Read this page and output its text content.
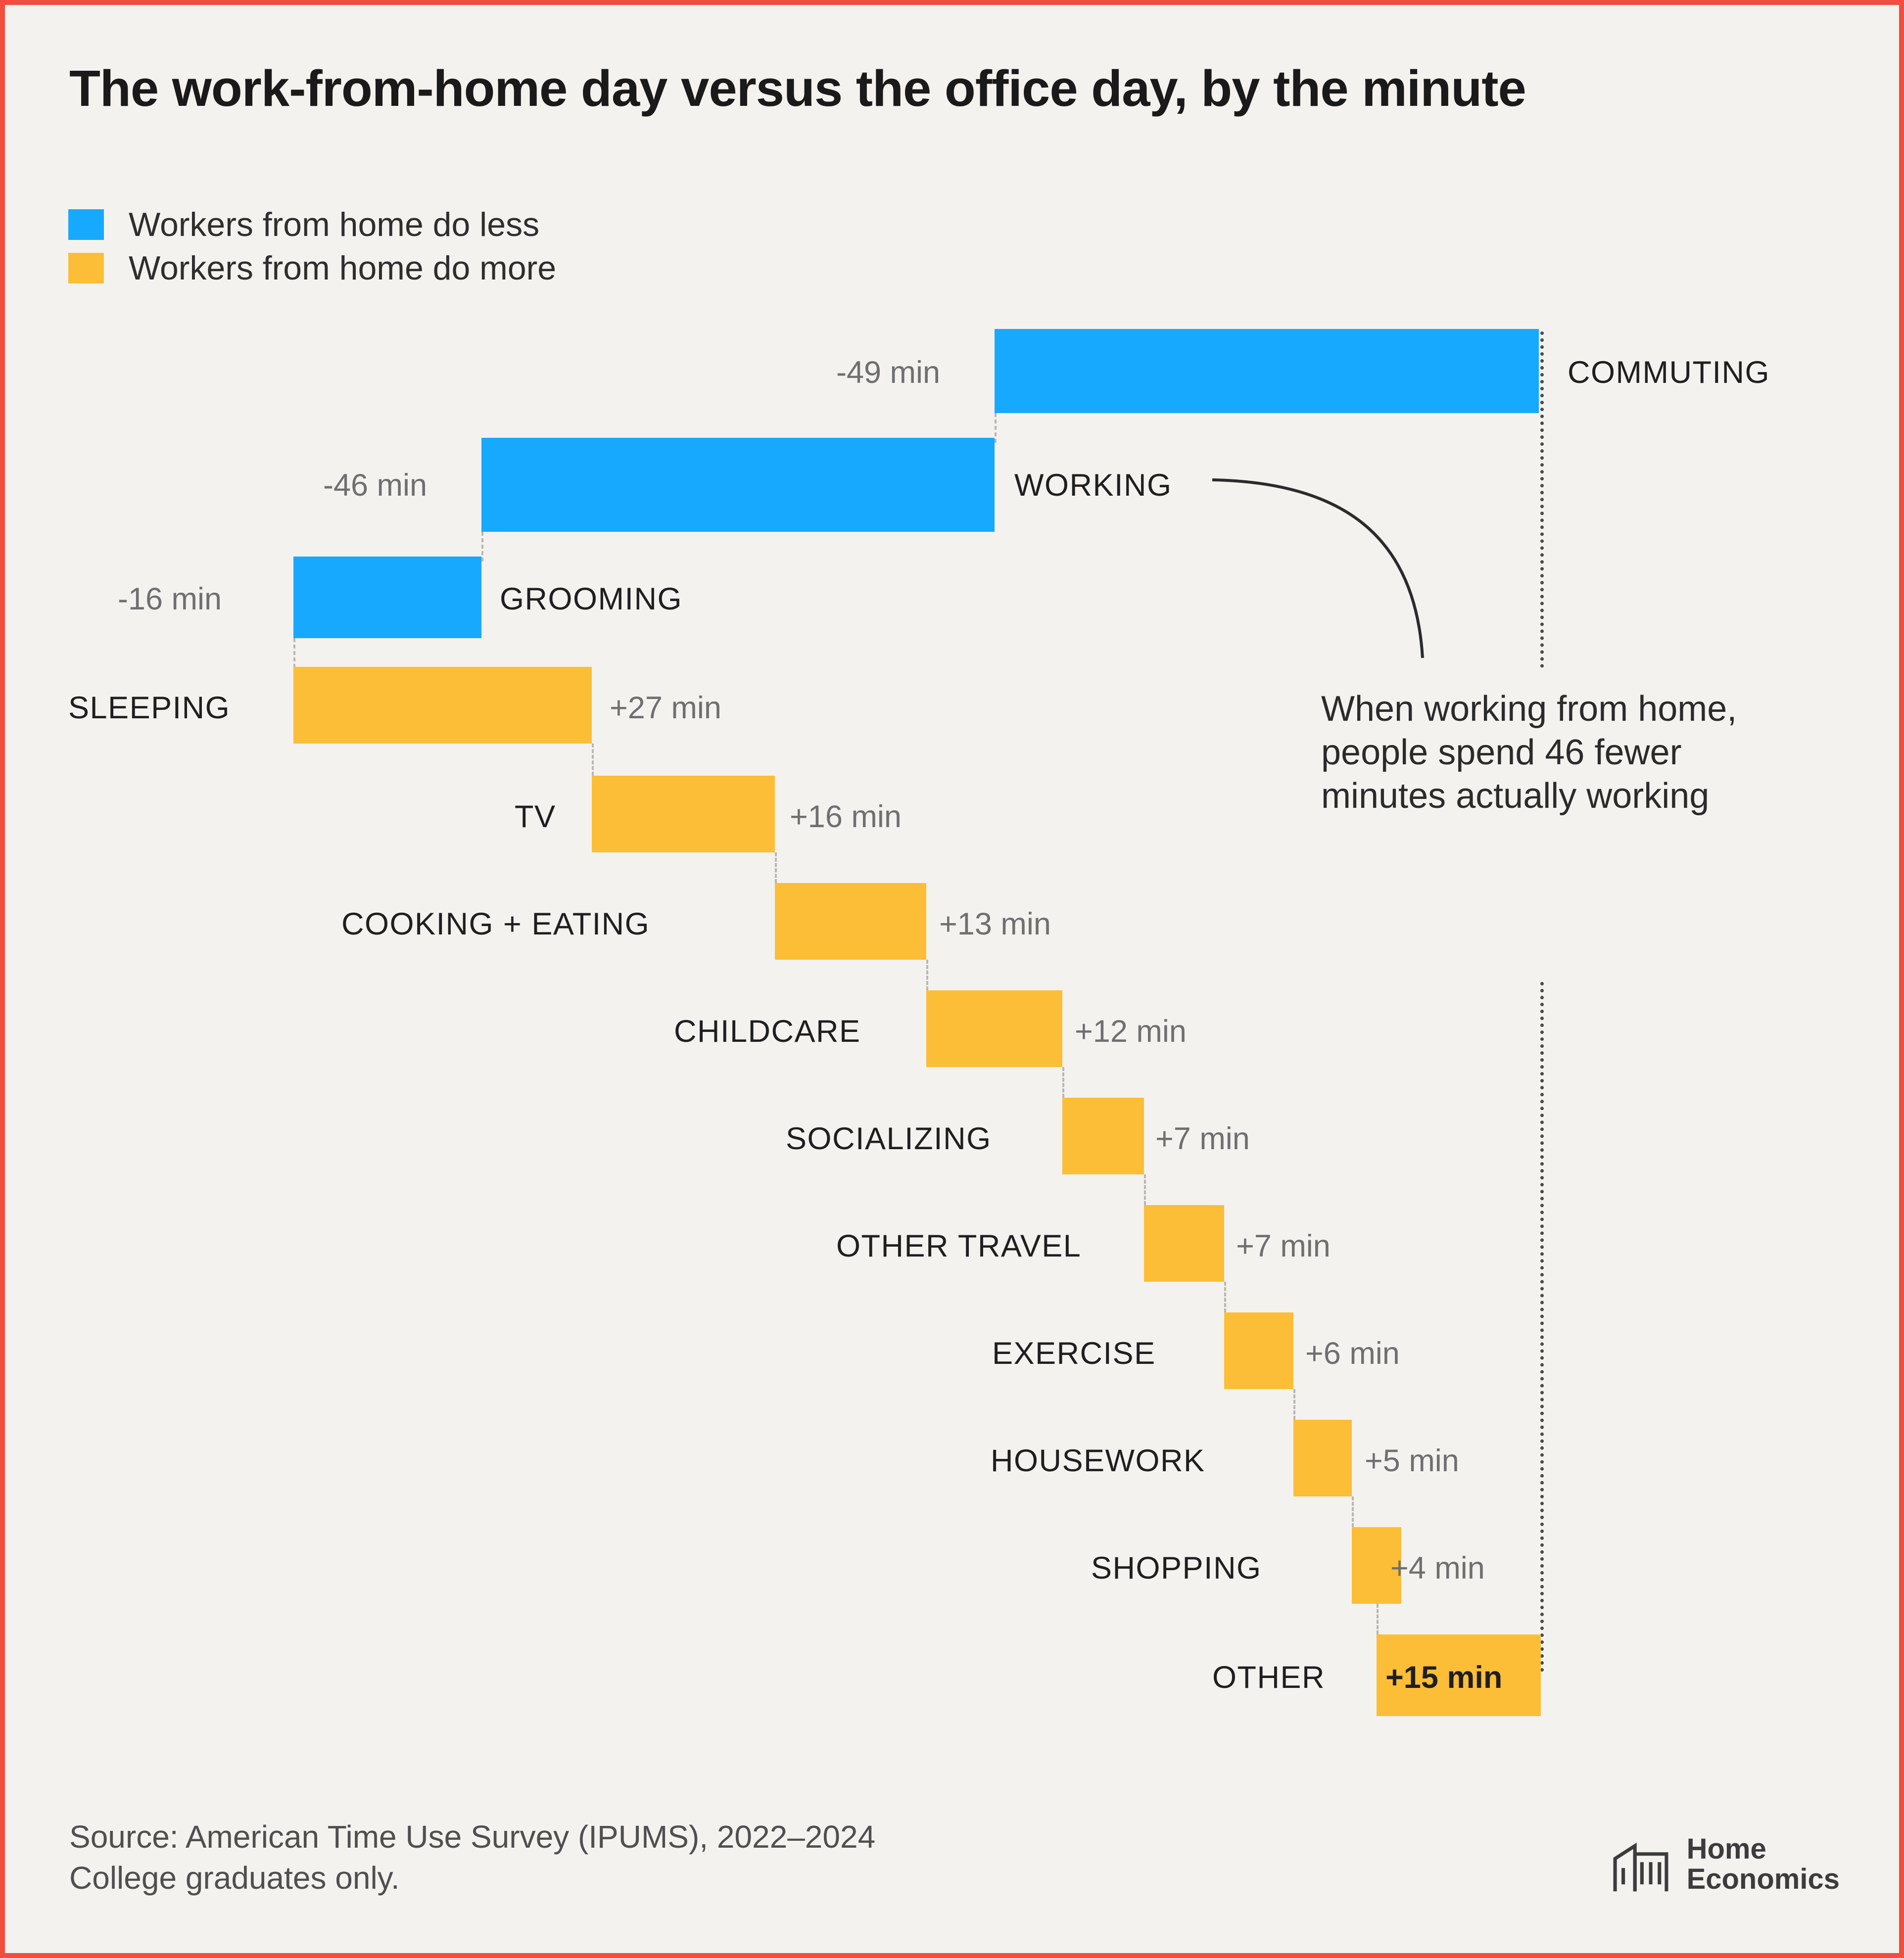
The work-from-home day versus the office day, by the minute
Workers from home do less
Workers from home do more
-49 min	COMMUTING
-46 min	WORKING
-16 min	GROOMING
SLEEPING	+27 min
TV	+16 min
COOKING + EATING	+13 min
CHILDCARE	+12 min
SOCIALIZING	+7 min
OTHER TRAVEL	+7 min
EXERCISE	+6 min
HOUSEWORK	+5 min
SHOPPING	+4 min
OTHER +15 min
When working from home, people spend 46 fewer minutes actually working
Source: American Time Use Survey (IPUMS), 2022–2024
College graduates only.
Home
Economics
